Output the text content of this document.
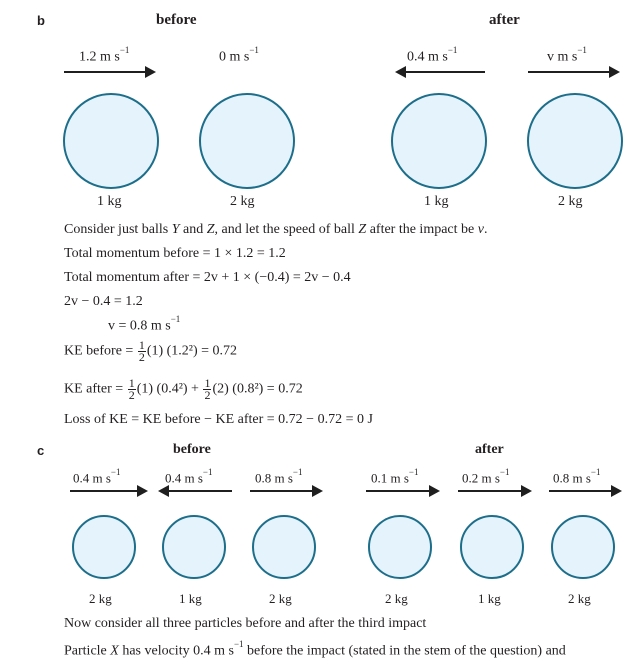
b	before	after
1.2 m $s^{-1}$	0 m $s^{-1}$	0.4 m $s^{-1}$	v m $s^{-1}$
1 kg	2 kg	1 kg	2 kg
Consider just balls Y and Z, and let the speed of ball Z after the impact be v.
Total momentum before = 1 × 1.2 = 1.2
Total momentum after = 2v + 1 × (−0.4) = 2v − 0.4
2v − 0.4 = 1.2
v = 0.8 m $s^{-1}$
KE before = $\frac{1}{2} (1) (1.2^2) = 0.72$
KE after = $\frac{1}{2} (1) (0.4^2) + \frac{1}{2} (2) (0.8^2) = 0.72$
Loss of KE = KE before − KE after = 0.72 − 0.72 = 0 J
c	before	after
0.4 m $s^{-1}$	0.4 m $s^{-1}$	0.8 m $s^{-1}$	0.1 m $s^{-1}$	0.2 m $s^{-1}$	0.8 m $s^{-1}$
2 kg	1 kg	2 kg	2 kg	1 kg	2 kg
Now consider all three particles before and after the third impact
Particle X has velocity 0.4 m $s^{-1}$ before the impact (stated in the stem of the question) and
